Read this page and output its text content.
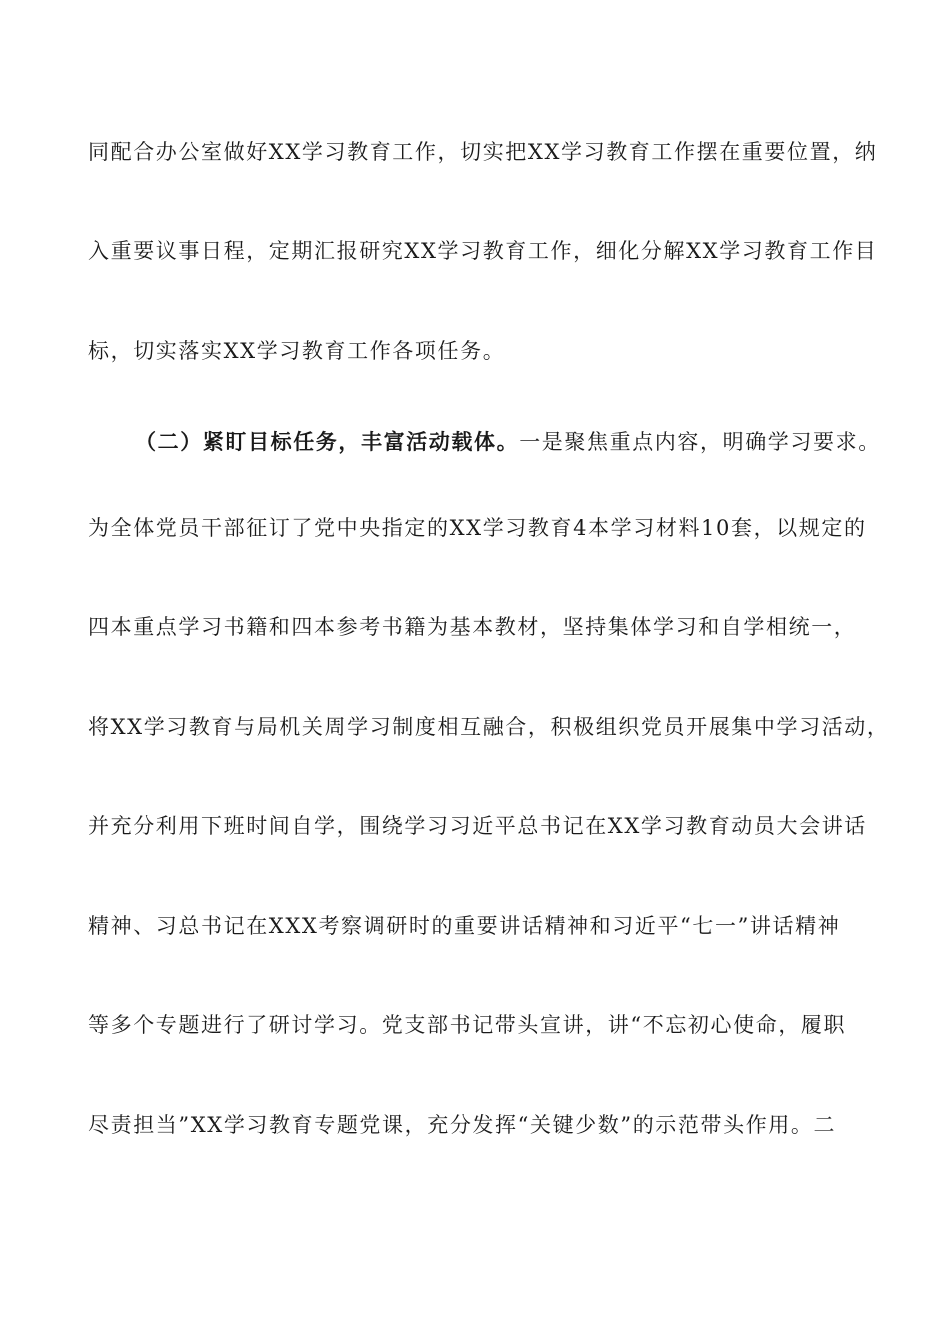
同配合办公室做好XX学习教育工作，切实把XX学习教育工作摆在重要位置，纳
入重要议事日程，定期汇报研究XX学习教育工作，细化分解XX学习教育工作目
标，切实落实XX学习教育工作各项任务。
（二）紧盯目标任务，丰富活动载体。一是聚焦重点内容，明确学习要求。
为全体党员干部征订了党中央指定的XX学习教育4本学习材料10套，以规定的
四本重点学习书籍和四本参考书籍为基本教材，坚持集体学习和自学相统一，
将XX学习教育与局机关周学习制度相互融合，积极组织党员开展集中学习活动，
并充分利用下班时间自学，围绕学习习近平总书记在XX学习教育动员大会讲话
精神、习总书记在XXX考察调研时的重要讲话精神和习近平“七一”讲话精神
等多个专题进行了研讨学习。党支部书记带头宣讲，讲“不忘初心使命，履职
尽责担当”XX学习教育专题党课，充分发挥“关键少数”的示范带头作用。二
